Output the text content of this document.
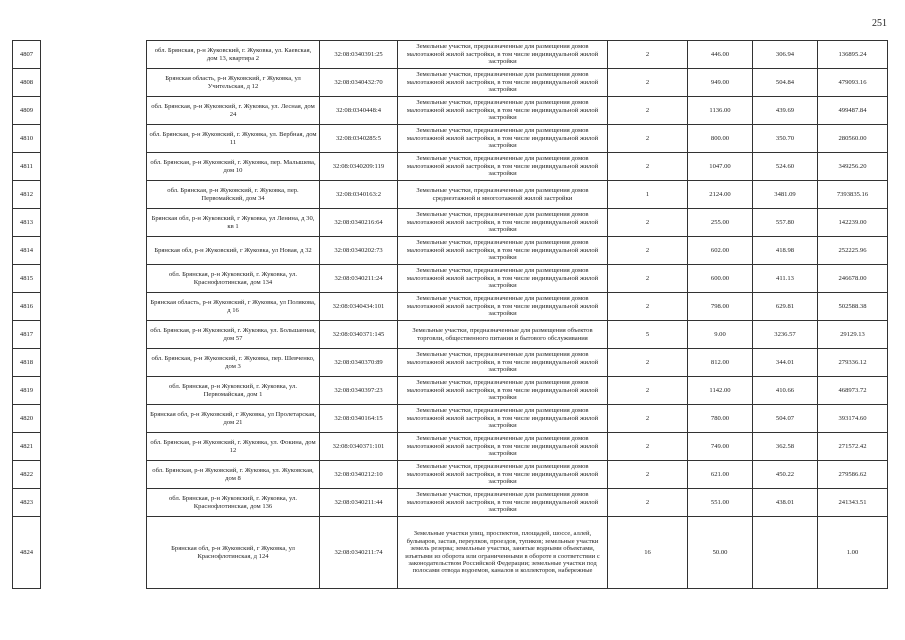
251
4807		обл. Брянская, р-н Жуковский, г. Жуковка, ул. Каевская, дом 13, квартира 2	32:08:0340391:25	Земельные участки, предназначенные для размещения домов малоэтажной жилой застройки, в том числе индивидуальной жилой застройки	2	446.00	306.94	136895.24
4808		Брянская область, р-н Жуковский, г Жуковка, ул Учительская, д 12	32:08:0340432:70	Земельные участки, предназначенные для размещения домов малоэтажной жилой застройки, в том числе индивидуальной жилой застройки	2	949.00	504.84	479093.16
4809		обл. Брянская, р-н Жуковский, г. Жуковка, ул. Лесная, дом 24	32:08:0340448:4	Земельные участки, предназначенные для размещения домов малоэтажной жилой застройки, в том числе индивидуальной жилой застройки	2	1136.00	439.69	499487.84
4810		обл. Брянская, р-н Жуковский, г. Жуковка, ул. Вербная, дом 11	32:08:0340285:5	Земельные участки, предназначенные для размещения домов малоэтажной жилой застройки, в том числе индивидуальной жилой застройки	2	800.00	350.70	280560.00
4811		обл. Брянская, р-н Жуковский, г. Жуковка, пер. Малышева, дом 10	32:08:0340209:119	Земельные участки, предназначенные для размещения домов малоэтажной жилой застройки, в том числе индивидуальной жилой застройки	2	1047.00	524.60	349256.20
4812		обл. Брянская, р-н Жуковский, г. Жуковка, пер. Первомайский, дом 34	32:08:0340163:2	Земельные участки, предназначенные для размещения домов среднеэтажной и многоэтажной жилой застройки	1	2124.00	3481.09	7393835.16
4813		Брянская обл, р-н Жуковский, г Жуковка, ул Ленина, д 30, кв 1	32:08:0340216:64	Земельные участки, предназначенные для размещения домов малоэтажной жилой застройки, в том числе индивидуальной жилой застройки	2	255.00	557.80	142239.00
4814		Брянская обл, р-н Жуковский, г Жуковка, ул Новая, д 32	32:08:0340202:73	Земельные участки, предназначенные для размещения домов малоэтажной жилой застройки, в том числе индивидуальной жилой застройки	2	602.00	418.98	252225.96
4815		обл. Брянская, р-н Жуковский, г. Жуковка, ул. Краснофлотинская, дом 134	32:08:0340211:24	Земельные участки, предназначенные для размещения домов малоэтажной жилой застройки, в том числе индивидуальной жилой застройки	2	600.00	411.13	246678.00
4816		Брянская область, р-н Жуковский, г Жуковка, ул Полякова, д 16	32:08:0340434:101	Земельные участки, предназначенные для размещения домов малоэтажной жилой застройки, в том числе индивидуальной жилой застройки	2	798.00	629.81	502588.38
4817		обл. Брянская, р-н Жуковский, г. Жуковка, ул. Большанная, дом 57	32:08:0340371:145	Земельные участки, предназначенные для размещения объектов торговли, общественного питания и бытового обслуживания	5	9.00	3236.57	29129.13
4818		обл. Брянская, р-н Жуковский, г. Жуковка, пер. Шевченко, дом 3	32:08:0340370:89	Земельные участки, предназначенные для размещения домов малоэтажной жилой застройки, в том числе индивидуальной жилой застройки	2	812.00	344.01	279336.12
4819		обл. Брянская, р-н Жуковский, г. Жуковка, ул. Первомайская, дом 1	32:08:0340397:23	Земельные участки, предназначенные для размещения домов малоэтажной жилой застройки, в том числе индивидуальной жилой застройки	2	1142.00	410.66	468973.72
4820		Брянская обл, р-н Жуковский, г Жуковка, ул Пролетарская, дом 21	32:08:0340164:15	Земельные участки, предназначенные для размещения домов малоэтажной жилой застройки, в том числе индивидуальной жилой застройки	2	780.00	504.07	393174.60
4821		обл. Брянская, р-н Жуковский, г. Жуковка, ул. Фокина, дом 12	32:08:0340371:101	Земельные участки, предназначенные для размещения домов малоэтажной жилой застройки, в том числе индивидуальной жилой застройки	2	749.00	362.58	271572.42
4822		обл. Брянская, р-н Жуковский, г. Жуковка, ул. Жуковская, дом 8	32:08:0340212:10	Земельные участки, предназначенные для размещения домов малоэтажной жилой застройки, в том числе индивидуальной жилой застройки	2	621.00	450.22	279586.62
4823		обл. Брянская, р-н Жуковский, г. Жуковка, ул. Краснофлотинская, дом 136	32:08:0340211:44	Земельные участки, предназначенные для размещения домов малоэтажной жилой застройки, в том числе индивидуальной жилой застройки	2	551.00	438.01	241343.51
4824		Брянская обл, р-н Жуковский, г Жуковка, ул Краснофлотинская, д 124	32:08:0340211:74	Земельные участки улиц, проспектов, площадей, шоссе, аллей, бульваров, застав, переулков, проездов, тупиков; земельные участки земель резерва; земельные участки, занятые водными объектами, изъятыми из оборота или ограниченными в обороте в соответствии с законодательством Российской Федерации; земельные участки под полосами отвода водоемов, каналов и коллекторов, набережные	16	50.00		1.00
